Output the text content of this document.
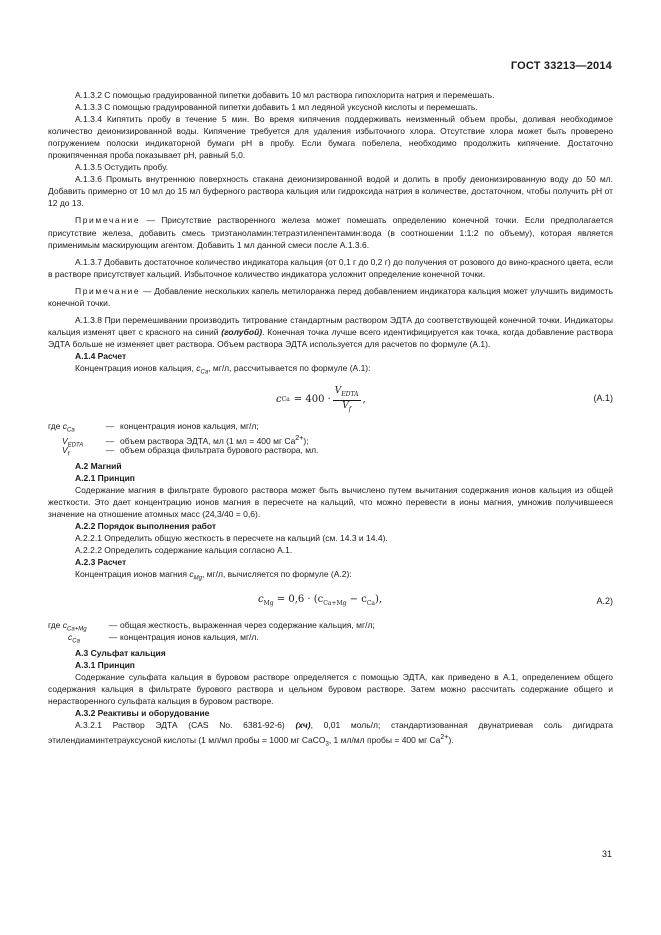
ГОСТ 33213—2014

А.1.3.2 С помощью градуированной пипетки добавить 10 мл раствора гипохлорита натрия и перемешать.

А.1.3.3 С помощью градуированной пипетки добавить 1 мл ледяной уксусной кислоты и перемешать.

А.1.3.4 Кипятить пробу в течение 5 мин. Во время кипячения поддерживать неизменный объем пробы, доливая необходимое количество деионизированной воды. Кипячение требуется для удаления избыточного хлора. Отсутствие хлора может быть проверено погружением полоски индикаторной бумаги рН в пробу. Если бумага побелела, необходимо продолжить кипячение. Достаточно прокипяченная проба показывает рН, равный 5,0.

А.1.3.5 Остудить пробу.

А.1.3.6 Промыть внутреннюю поверхность стакана деионизированной водой и долить в пробу деионизированную воду до 50 мл. Добавить примерно от 10 мл до 15 мл буферного раствора кальция или гидроксида натрия в количестве, достаточном, чтобы получить рН от 12 до 13.

Примечание — Присутствие растворенного железа может помешать определению конечной точки. Если предполагается присутствие железа, добавить смесь триэтаноламин:тетраэтиленпентамин:вода (в соотношении 1:1:2 по объему), которая является применимым маскирующим агентом. Добавить 1 мл данной смеси после А.1.3.6.

А.1.3.7 Добавить достаточное количество индикатора кальция (от 0,1 г до 0,2 г) до получения от розового до вино-красного цвета, если в растворе присутствует кальций. Избыточное количество индикатора усложнит определение конечной точки.

Примечание — Добавление нескольких капель метилоранжа перед добавлением индикатора кальция может улучшить видимость конечной точки.

А.1.3.8 При перемешивании производить титрование стандартным раствором ЭДТА до соответствующей конечной точки. Индикаторы кальция изменят цвет с красного на синий (голубой). Конечная точка лучше всего идентифицируется как точка, когда добавление раствора ЭДТА больше не изменяет цвет раствора. Объем раствора ЭДТА используется для расчетов по формуле (А.1).

А.1.4 Расчет

Концентрация ионов кальция, $c_{Ca}$, мг/л, рассчитывается по формуле (А.1):

c $Ca = 400 \cdot \frac{V_{EDTA}}{V_f}$ ,	(А.1)
где $c_{Ca}$	— концентрация ионов кальция, мг/л;
$V_{EDTA}$	— объем раствора ЭДТА, мл (1 мл = 400 мг $Ca^{2+}$);
$V_f$	— объем образца фильтрата бурового раствора, мл.

А.2 Магний

А.2.1 Принцип

Содержание магния в фильтрате бурового раствора может быть вычислено путем вычитания содержания ионов кальция из общей жесткости. Это дает концентрацию ионов магния в пересчете на кальций, что можно перевести в ионы магния, умножив получившееся значение на отношение атомных масс (24,3/40 = 0,6).

А.2.2 Порядок выполнения работ

А.2.2.1 Определить общую жесткость в пересчете на кальций (см. 14.3 и 14.4).

А.2.2.2 Определить содержание кальция согласно А.1.

А.2.3 Расчет

Концентрация ионов магния $c_{Mg}$, мг/л, вычисляется по формуле (А.2):

$c_{Mg} = 0,6 \cdot (c_{Ca+Mg} - c_{Ca})$,	А.2)
где $c_{Ca+Mg}$	— общая жесткость, выраженная через содержание кальция, мг/л;
$c_{Ca}$	— концентрация ионов кальция, мг/л.

А.3 Сульфат кальция

А.3.1 Принцип

Содержание сульфата кальция в буровом растворе определяется с помощью ЭДТА, как приведено в А.1, определением общего содержания кальция в фильтрате бурового раствора и цельном буровом растворе. Затем можно рассчитать содержание общего и нерастворенного сульфата кальция в буровом растворе.

А.3.2 Реактивы и оборудование

А.3.2.1 Раствор ЭДТА (CAS No. 6381-92-6) (хч), 0,01 моль/л; стандартизованная двунатриевая соль дигидрата этилендиаминтетрауксусной кислоты (1 мл/мл пробы = 1000 мг CaCO$_3$, 1 мл/мл пробы = 400 мг $Ca^{2+}$).

31
